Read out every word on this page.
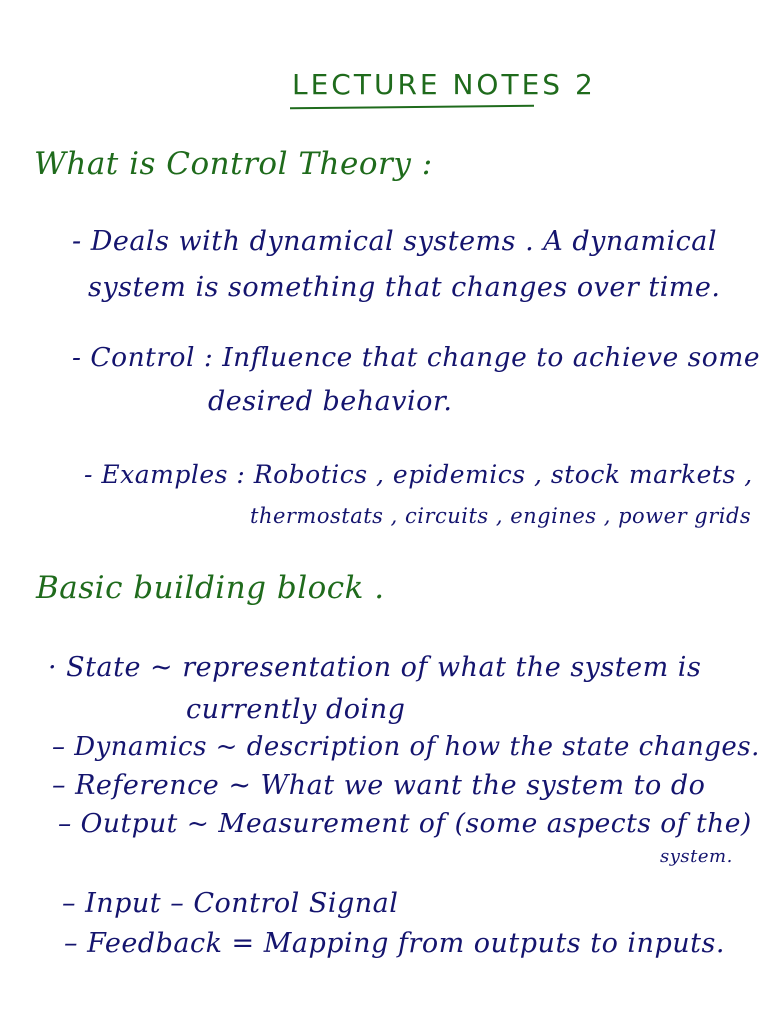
LECTURE NOTES 2
What is Control Theory :
- Deals with dynamical systems . A dynamical
system is something that changes over time.
- Control : Influence that change to achieve some
desired behavior.
- Examples : Robotics , epidemics , stock markets ,
thermostats , circuits , engines , power grids
Basic building block .
· State ~ representation of what the system is
currently doing
– Dynamics ~ description of how the state changes.
– Reference ~ What we want the system to do
– Output ~ Measurement of (some aspects of the)
system.
– Input – Control Signal
– Feedback = Mapping from outputs to inputs.
